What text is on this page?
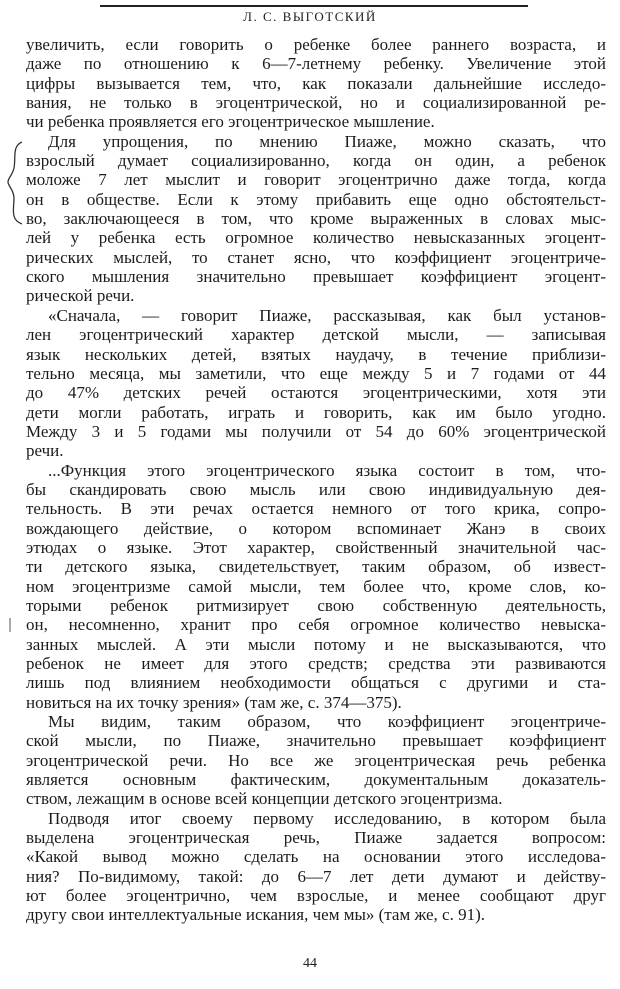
Л. С. ВЫГОТСКИЙ
увеличить, если говорить о ребенке более раннего возраста, и
даже по отношению к 6—7-летнему ребенку. Увеличение этой
цифры вызывается тем, что, как показали дальнейшие исследо-
вания, не только в эгоцентрической, но и социализированной ре-
чи ребенка проявляется его эгоцентрическое мышление.
Для упрощения, по мнению Пиаже, можно сказать, что
взрослый думает социализированно, когда он один, а ребенок
моложе 7 лет мыслит и говорит эгоцентрично даже тогда, когда
он в обществе. Если к этому прибавить еще одно обстоятельст-
во, заключающееся в том, что кроме выраженных в словах мыс-
лей у ребенка есть огромное количество невысказанных эгоцент-
рических мыслей, то станет ясно, что коэффициент эгоцентриче-
ского мышления значительно превышает коэффициент эгоцент-
рической речи.
«Сначала, — говорит Пиаже, рассказывая, как был установ-
лен эгоцентрический характер детской мысли, — записывая
язык нескольких детей, взятых наудачу, в течение приблизи-
тельно месяца, мы заметили, что еще между 5 и 7 годами от 44
до 47% детских речей остаются эгоцентрическими, хотя эти
дети могли работать, играть и говорить, как им было угодно.
Между 3 и 5 годами мы получили от 54 до 60% эгоцентрической
речи.
...Функция этого эгоцентрического языка состоит в том, что-
бы скандировать свою мысль или свою индивидуальную дея-
тельность. В эти речах остается немного от того крика, сопро-
вождающего действие, о котором вспоминает Жанэ в своих
этюдах о языке. Этот характер, свойственный значительной час-
ти детского языка, свидетельствует, таким образом, об извест-
ном эгоцентризме самой мысли, тем более что, кроме слов, ко-
торыми ребенок ритмизирует свою собственную деятельность,
он, несомненно, хранит про себя огромное количество невыска-
занных мыслей. А эти мысли потому и не высказываются, что
ребенок не имеет для этого средств; средства эти развиваются
лишь под влиянием необходимости общаться с другими и ста-
новиться на их точку зрения» (там же, с. 374—375).
Мы видим, таким образом, что коэффициент эгоцентриче-
ской мысли, по Пиаже, значительно превышает коэффициент
эгоцентрической речи. Но все же эгоцентрическая речь ребенка
является основным фактическим, документальным доказатель-
ством, лежащим в основе всей концепции детского эгоцентризма.
Подводя итог своему первому исследованию, в котором была
выделена эгоцентрическая речь, Пиаже задается вопросом:
«Какой вывод можно сделать на основании этого исследова-
ния? По-видимому, такой: до 6—7 лет дети думают и действу-
ют более эгоцентрично, чем взрослые, и менее сообщают друг
другу свои интеллектуальные искания, чем мы» (там же, с. 91).
44
